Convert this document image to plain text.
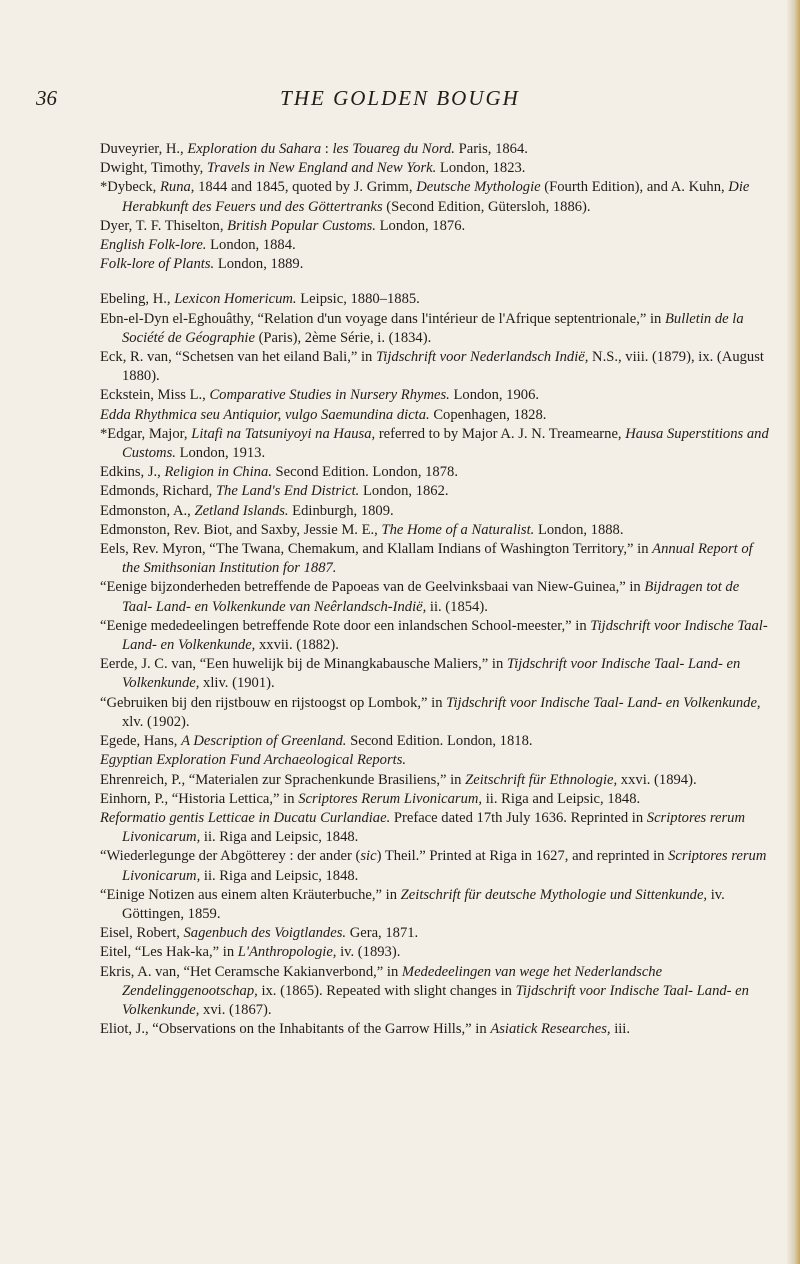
36	THE GOLDEN BOUGH
Duveyrier, H., Exploration du Sahara : les Touareg du Nord. Paris, 1864.
Dwight, Timothy, Travels in New England and New York. London, 1823.
*Dybeck, Runa, 1844 and 1845, quoted by J. Grimm, Deutsche Mythologie (Fourth Edition), and A. Kuhn, Die Herabkunft des Feuers und des Göttertranks (Second Edition, Gütersloh, 1886).
Dyer, T. F. Thiselton, British Popular Customs. London, 1876.
English Folk-lore. London, 1884.
Folk-lore of Plants. London, 1889.
Ebeling, H., Lexicon Homericum. Leipsic, 1880–1885.
Ebn-el-Dyn el-Eghouâthy, “Relation d'un voyage dans l'intérieur de l'Afrique septentrionale,” in Bulletin de la Société de Géographie (Paris), 2ème Série, i. (1834).
Eck, R. van, “Schetsen van het eiland Bali,” in Tijdschrift voor Nederlandsch Indië, N.S., viii. (1879), ix. (August 1880).
Eckstein, Miss L., Comparative Studies in Nursery Rhymes. London, 1906.
Edda Rhythmica seu Antiquior, vulgo Saemundina dicta. Copenhagen, 1828.
*Edgar, Major, Litafi na Tatsuniyoyi na Hausa, referred to by Major A. J. N. Treamearne, Hausa Superstitions and Customs. London, 1913.
Edkins, J., Religion in China. Second Edition. London, 1878.
Edmonds, Richard, The Land's End District. London, 1862.
Edmonston, A., Zetland Islands. Edinburgh, 1809.
Edmonston, Rev. Biot, and Saxby, Jessie M. E., The Home of a Naturalist. London, 1888.
Eels, Rev. Myron, “The Twana, Chemakum, and Klallam Indians of Washington Territory,” in Annual Report of the Smithsonian Institution for 1887.
“Eenige bijzonderheden betreffende de Papoeas van de Geelvinksbaai van Niew-Guinea,” in Bijdragen tot de Taal- Land- en Volkenkunde van Neêrlandsch-Indië, ii. (1854).
“Eenige mededeelingen betreffende Rote door een inlandschen School-meester,” in Tijdschrift voor Indische Taal- Land- en Volkenkunde, xxvii. (1882).
Eerde, J. C. van, “Een huwelijk bij de Minangkabausche Maliers,” in Tijdschrift voor Indische Taal- Land- en Volkenkunde, xliv. (1901).
“Gebruiken bij den rijstbouw en rijstoogst op Lombok,” in Tijdschrift voor Indische Taal- Land- en Volkenkunde, xlv. (1902).
Egede, Hans, A Description of Greenland. Second Edition. London, 1818.
Egyptian Exploration Fund Archaeological Reports.
Ehrenreich, P., “Materialen zur Sprachenkunde Brasiliens,” in Zeitschrift für Ethnologie, xxvi. (1894).
Einhorn, P., “Historia Lettica,” in Scriptores Rerum Livonicarum, ii. Riga and Leipsic, 1848.
Reformatio gentis Letticae in Ducatu Curlandiae. Preface dated 17th July 1636. Reprinted in Scriptores rerum Livonicarum, ii. Riga and Leipsic, 1848.
“Wiederlegunge der Abgötterey : der ander (sic) Theil.” Printed at Riga in 1627, and reprinted in Scriptores rerum Livonicarum, ii. Riga and Leipsic, 1848.
“Einige Notizen aus einem alten Kräuterbuche,” in Zeitschrift für deutsche Mythologie und Sittenkunde, iv. Göttingen, 1859.
Eisel, Robert, Sagenbuch des Voigtlandes. Gera, 1871.
Eitel, “Les Hak-ka,” in L'Anthropologie, iv. (1893).
Ekris, A. van, “Het Ceramsche Kakianverbond,” in Mededeelingen van wege het Nederlandsche Zendelinggenootschap, ix. (1865). Repeated with slight changes in Tijdschrift voor Indische Taal- Land- en Volkenkunde, xvi. (1867).
Eliot, J., “Observations on the Inhabitants of the Garrow Hills,” in Asiatick Researches, iii.
